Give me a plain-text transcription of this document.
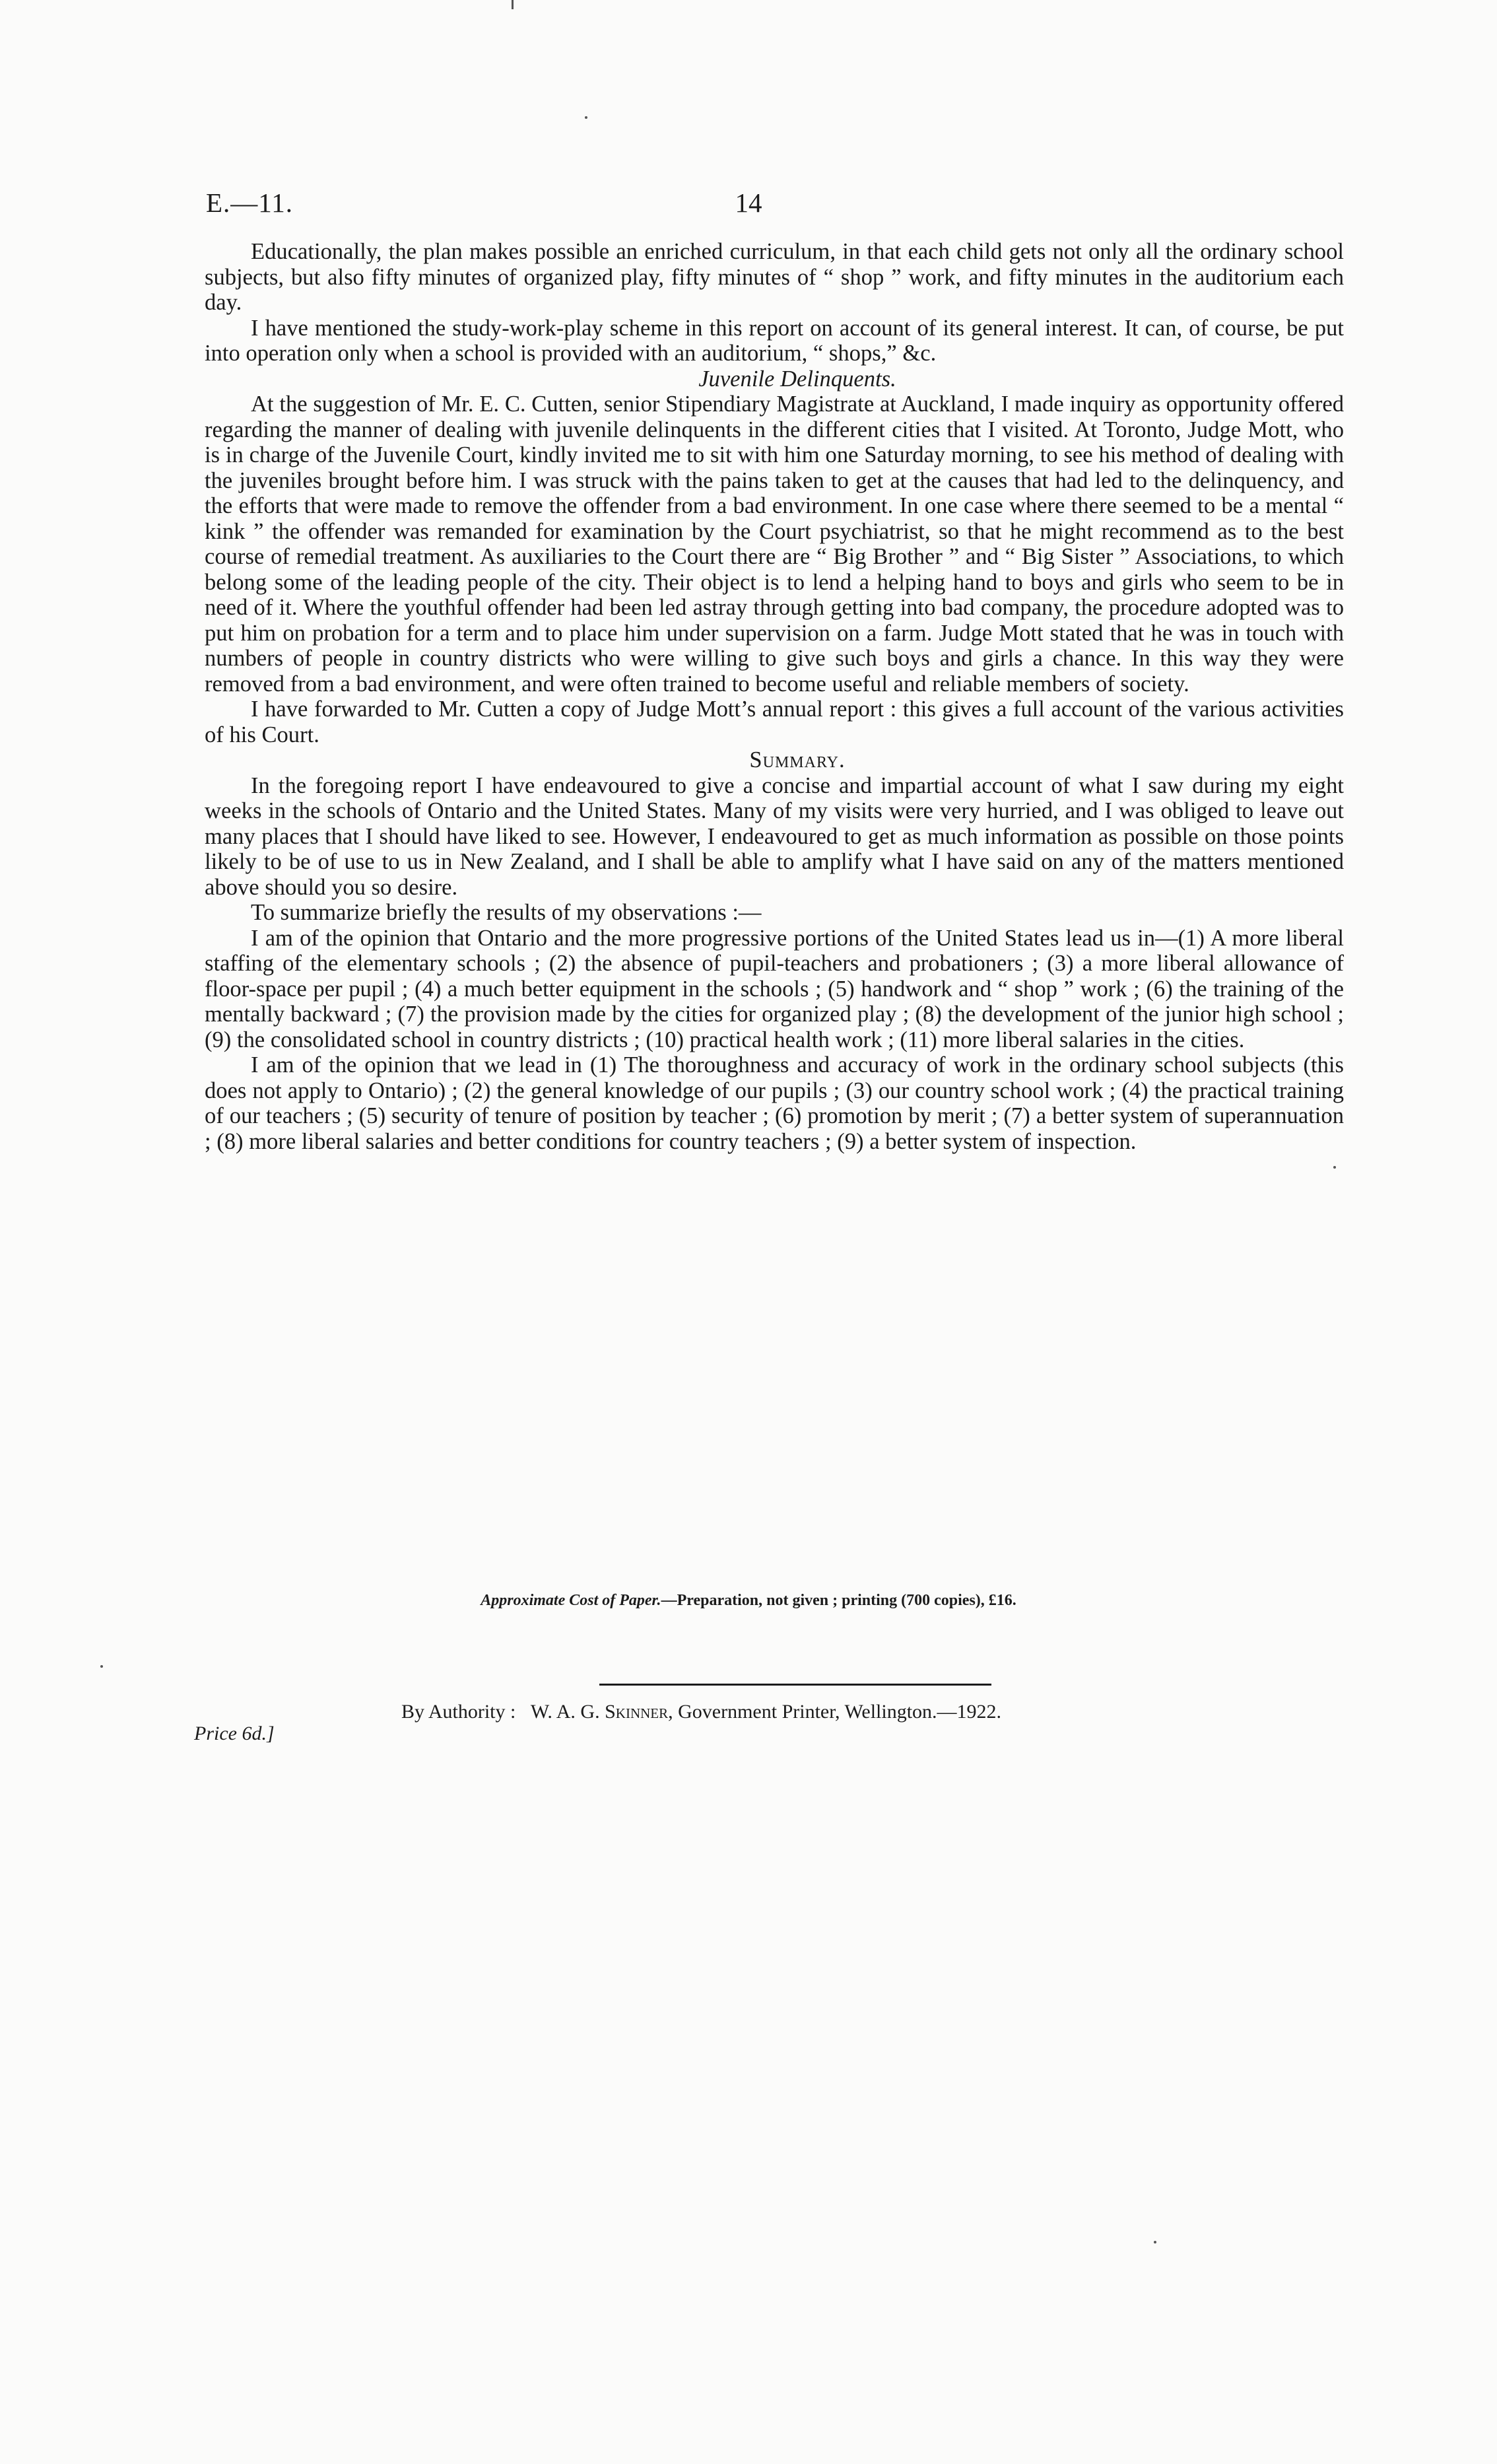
E.—11.	14

Educationally, the plan makes possible an enriched curriculum, in that each child gets not only all the ordinary school subjects, but also fifty minutes of organized play, fifty minutes of “ shop ” work, and fifty minutes in the auditorium each day.

I have mentioned the study-work-play scheme in this report on account of its general interest. It can, of course, be put into operation only when a school is provided with an auditorium, “ shops,” &c.

Juvenile Delinquents.

At the suggestion of Mr. E. C. Cutten, senior Stipendiary Magistrate at Auckland, I made inquiry as opportunity offered regarding the manner of dealing with juvenile delinquents in the different cities that I visited. At Toronto, Judge Mott, who is in charge of the Juvenile Court, kindly invited me to sit with him one Saturday morning, to see his method of dealing with the juveniles brought before him. I was struck with the pains taken to get at the causes that had led to the delinquency, and the efforts that were made to remove the offender from a bad environment. In one case where there seemed to be a mental “ kink ” the offender was remanded for examination by the Court psychiatrist, so that he might recommend as to the best course of remedial treatment. As auxiliaries to the Court there are “ Big Brother ” and “ Big Sister ” Associations, to which belong some of the leading people of the city. Their object is to lend a helping hand to boys and girls who seem to be in need of it. Where the youthful offender had been led astray through getting into bad company, the procedure adopted was to put him on probation for a term and to place him under supervision on a farm. Judge Mott stated that he was in touch with numbers of people in country districts who were willing to give such boys and girls a chance. In this way they were removed from a bad environment, and were often trained to become useful and reliable members of society.

I have forwarded to Mr. Cutten a copy of Judge Mott’s annual report : this gives a full account of the various activities of his Court.

Summary.

In the foregoing report I have endeavoured to give a concise and impartial account of what I saw during my eight weeks in the schools of Ontario and the United States. Many of my visits were very hurried, and I was obliged to leave out many places that I should have liked to see. However, I endeavoured to get as much information as possible on those points likely to be of use to us in New Zealand, and I shall be able to amplify what I have said on any of the matters mentioned above should you so desire.

To summarize briefly the results of my observations :—

I am of the opinion that Ontario and the more progressive portions of the United States lead us in—(1) A more liberal staffing of the elementary schools ; (2) the absence of pupil-teachers and probationers ; (3) a more liberal allowance of floor-space per pupil ; (4) a much better equipment in the schools ; (5) handwork and “ shop ” work ; (6) the training of the mentally backward ; (7) the provision made by the cities for organized play ; (8) the development of the junior high school ; (9) the consolidated school in country districts ; (10) practical health work ; (11) more liberal salaries in the cities.

I am of the opinion that we lead in (1) The thoroughness and accuracy of work in the ordinary school subjects (this does not apply to Ontario) ; (2) the general knowledge of our pupils ; (3) our country school work ; (4) the practical training of our teachers ; (5) security of tenure of position by teacher ; (6) promotion by merit ; (7) a better system of superannuation ; (8) more liberal salaries and better conditions for country teachers ; (9) a better system of inspection.

Approximate Cost of Paper.—Preparation, not given ; printing (700 copies), £16.
By Authority : W. A. G. Skinner, Government Printer, Wellington.—1922.
Price 6d.]
